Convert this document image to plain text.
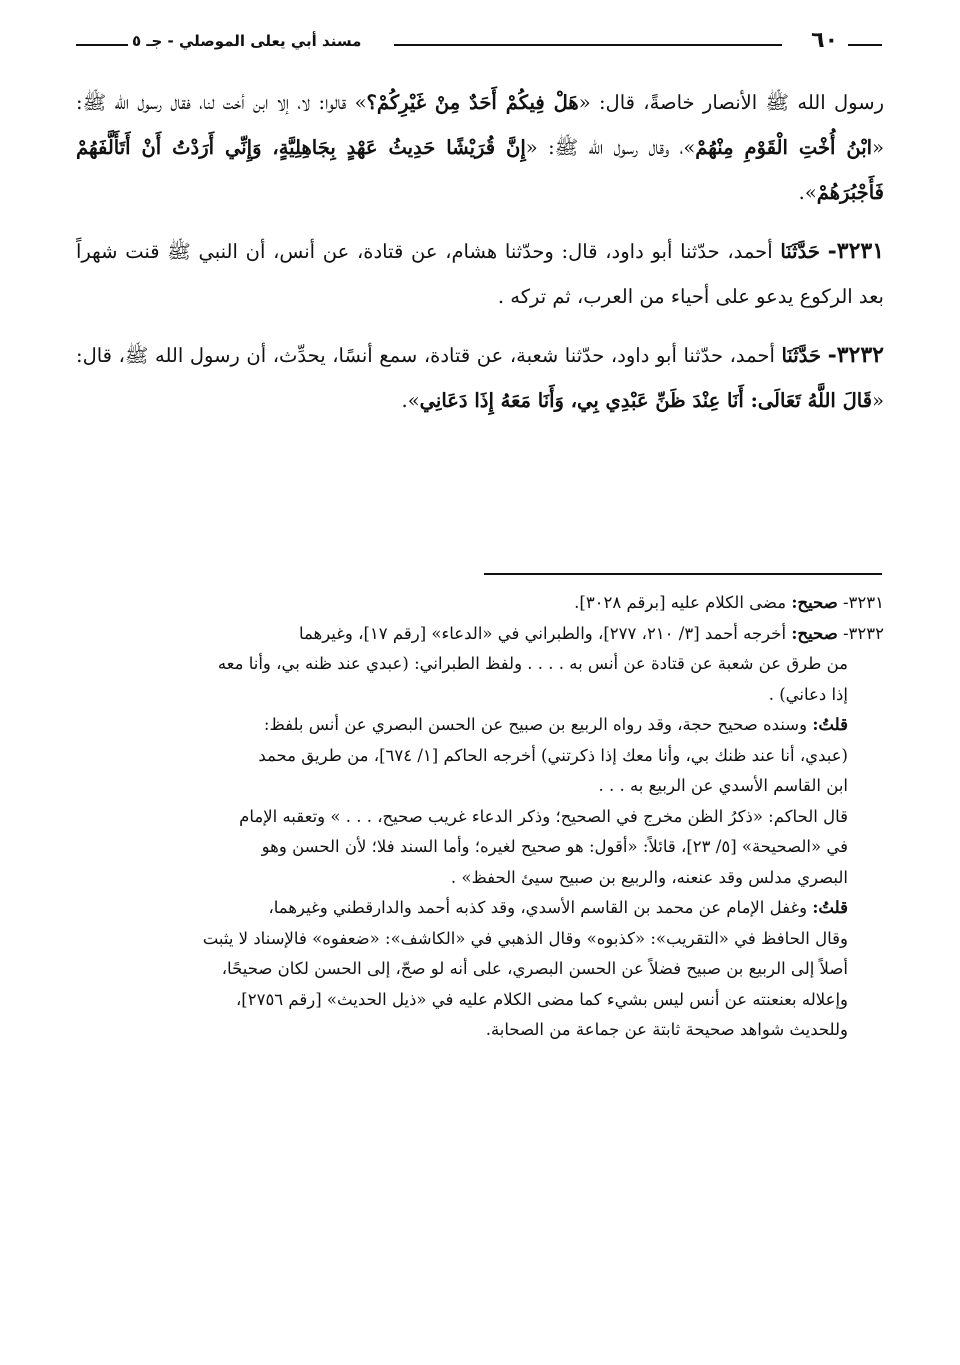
٦٠
مسند أبي يعلى الموصلي - جـ ٥

رسول الله ﷺ الأنصار خاصةً، قال: «هَلْ فِيكُمْ أَحَدٌ مِنْ غَيْرِكُمْ؟» قالوا: لا، إلا ابن أخت لنا، فقال رسول الله ﷺ: «ابْنُ أُخْتِ الْقَوْمِ مِنْهُمْ»، وقال رسول الله ﷺ: «إِنَّ قُرَيْشًا حَدِيثُ عَهْدٍ بِجَاهِلِيَّةٍ، وَإِنِّي أَرَدْتُ أَنْ أَتَأَلَّفَهُمْ فَأَجْبُرَهُمْ».

٣٢٣١- حَدَّثَنَا أحمد، حدّثنا أبو داود، قال: وحدّثنا هشام، عن قتادة، عن أنس، أن النبي ﷺ قنت شهراً بعد الركوع يدعو على أحياء من العرب، ثم تركه .

٣٢٣٢- حَدَّثَنَا أحمد، حدّثنا أبو داود، حدّثنا شعبة، عن قتادة، سمع أنسًا، يحدِّث، أن رسول الله ﷺ، قال: «قَالَ اللَّهُ تَعَالَى: أَنَا عِنْدَ ظَنِّ عَبْدِي بِي، وَأَنَا مَعَهُ إِذَا دَعَانِي».

٣٢٣١- صحيح: مضى الكلام عليه [برقم ٣٠٢٨].

٣٢٣٢- صحيح: أخرجه أحمد [٣/ ٢١٠، ٢٧٧]، والطبراني في «الدعاء» [رقم ١٧]، وغيرهما

من طرق عن شعبة عن قتادة عن أنس به . . . . ولفظ الطبراني: (عبدي عند ظنه بي، وأنا معه

إذا دعاني) .

قلتُ: وسنده صحيح حجة، وقد رواه الربيع بن صبيح عن الحسن البصري عن أنس بلفظ:

(عبدي، أنا عند ظنك بي، وأنا معك إذا ذكرتني) أخرجه الحاكم [١/ ٦٧٤]، من طريق محمد

ابن القاسم الأسدي عن الربيع به . . .

قال الحاكم: «ذكرُ الظن مخرج في الصحيح؛ وذكر الدعاء غريب صحيح، . . . » وتعقبه الإمام

في «الصحيحة» [٥/ ٢٣]، قائلاً: «أقول: هو صحيح لغيره؛ وأما السند فلا؛ لأن الحسن وهو

البصري مدلس وقد عنعنه، والربيع بن صبيح سيئ الحفظ» .

قلتُ: وغفل الإمام عن محمد بن القاسم الأسدي، وقد كذبه أحمد والدارقطني وغيرهما،

وقال الحافظ في «التقريب»: «كذبوه» وقال الذهبي في «الكاشف»: «ضعفوه» فالإسناد لا يثبت

أصلاً إلى الربيع بن صبيح فضلاً عن الحسن البصري، على أنه لو صحّ، إلى الحسن لكان صحيحًا،

وإعلاله بعنعنته عن أنس ليس بشيء كما مضى الكلام عليه في «ذيل الحديث» [رقم ٢٧٥٦]،

وللحديث شواهد صحيحة ثابتة عن جماعة من الصحابة.
